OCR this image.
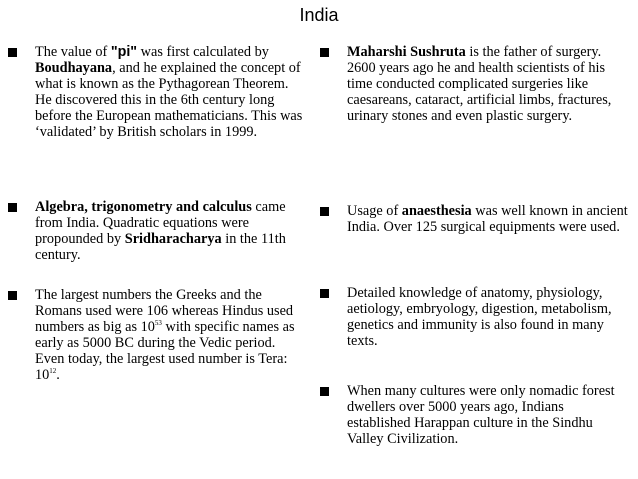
India
The value of "pi" was first calculated by Boudhayana, and he explained the concept of what is known as the Pythagorean Theorem. He discovered this in the 6th century long before the European mathematicians. This was ‘validated’ by British scholars in 1999.
Algebra, trigonometry and calculus came from India. Quadratic equations were propounded by Sridharacharya in the 11th century.
The largest numbers the Greeks and the Romans used were 106 whereas Hindus used numbers as big as $10^{53}$ with specific names as early as 5000 BC during the Vedic period. Even today, the largest used number is Tera: $10^{12}$.
Maharshi Sushruta is the father of surgery. 2600 years ago he and health scientists of his time conducted complicated surgeries like caesareans, cataract, artificial limbs, fractures, urinary stones and even plastic surgery.
Usage of anaesthesia was well known in ancient India. Over 125 surgical equipments were used.
Detailed knowledge of anatomy, physiology, aetiology, embryology, digestion, metabolism, genetics and immunity is also found in many texts.
When many cultures were only nomadic forest dwellers over 5000 years ago, Indians established Harappan culture in the Sindhu Valley Civilization.
